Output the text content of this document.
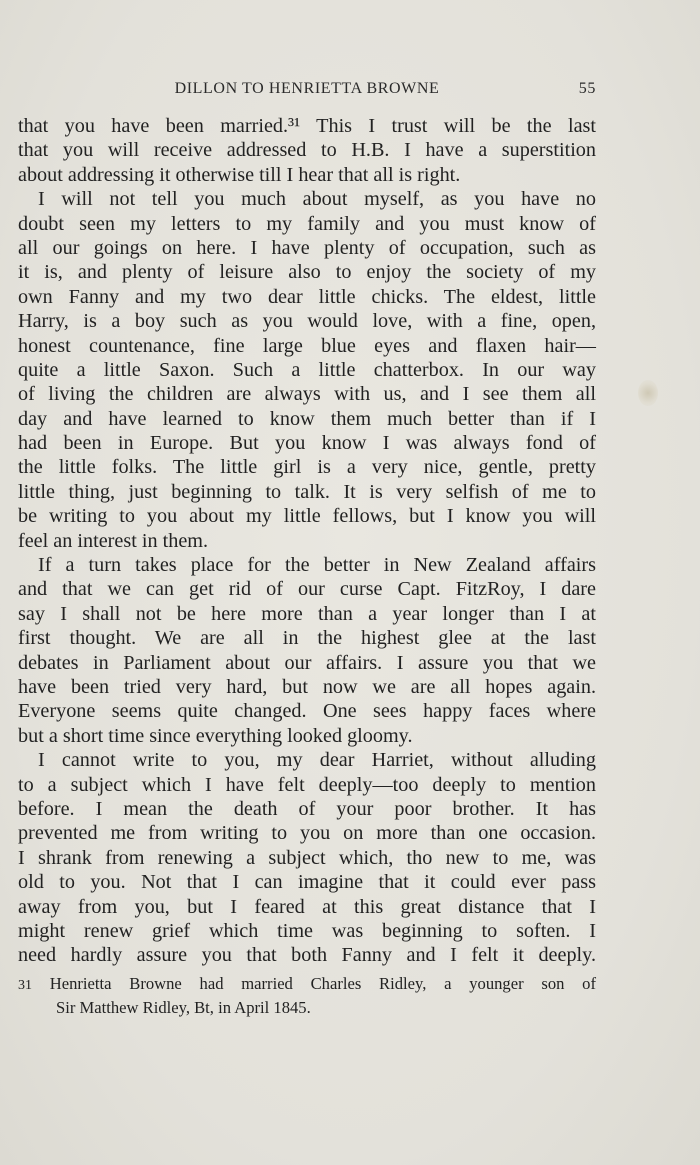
DILLON TO HENRIETTA BROWNE	55
that you have been married.³¹ This I trust will be the last
that you will receive addressed to H.B. I have a superstition
about addressing it otherwise till I hear that all is right.
I will not tell you much about myself, as you have no
doubt seen my letters to my family and you must know of
all our goings on here. I have plenty of occupation, such as
it is, and plenty of leisure also to enjoy the society of my
own Fanny and my two dear little chicks. The eldest, little
Harry, is a boy such as you would love, with a fine, open,
honest countenance, fine large blue eyes and flaxen hair—
quite a little Saxon. Such a little chatterbox. In our way
of living the children are always with us, and I see them all
day and have learned to know them much better than if I
had been in Europe. But you know I was always fond of
the little folks. The little girl is a very nice, gentle, pretty
little thing, just beginning to talk. It is very selfish of me to
be writing to you about my little fellows, but I know you will
feel an interest in them.
If a turn takes place for the better in New Zealand affairs
and that we can get rid of our curse Capt. FitzRoy, I dare
say I shall not be here more than a year longer than I at
first thought. We are all in the highest glee at the last
debates in Parliament about our affairs. I assure you that we
have been tried very hard, but now we are all hopes again.
Everyone seems quite changed. One sees happy faces where
but a short time since everything looked gloomy.
I cannot write to you, my dear Harriet, without alluding
to a subject which I have felt deeply—too deeply to mention
before. I mean the death of your poor brother. It has
prevented me from writing to you on more than one occasion.
I shrank from renewing a subject which, tho new to me, was
old to you. Not that I can imagine that it could ever pass
away from you, but I feared at this great distance that I
might renew grief which time was beginning to soften. I
need hardly assure you that both Fanny and I felt it deeply.
31 Henrietta Browne had married Charles Ridley, a younger son of
Sir Matthew Ridley, Bt, in April 1845.
